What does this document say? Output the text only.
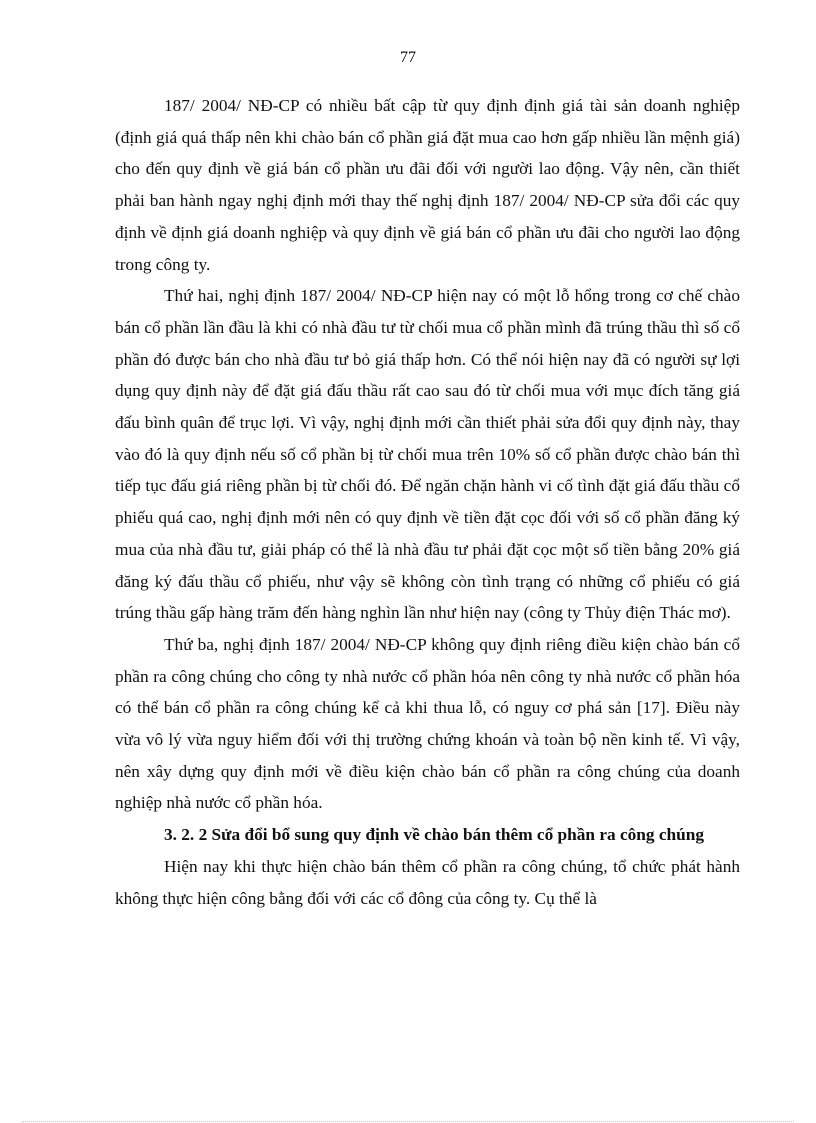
77

187/ 2004/ NĐ-CP có nhiều bất cập từ quy định định giá tài sản doanh nghiệp (định giá quá thấp nên khi chào bán cổ phần giá đặt mua cao hơn gấp nhiều lần mệnh giá) cho đến quy định về giá bán cổ phần ưu đãi đối với người lao động. Vậy nên, cần thiết phải ban hành ngay nghị định mới thay thế nghị định 187/ 2004/ NĐ-CP sửa đổi các quy định về định giá doanh nghiệp và quy định về giá bán cổ phần ưu đãi cho người lao động trong công ty.

Thứ hai, nghị định 187/ 2004/ NĐ-CP hiện nay có một lỗ hổng trong cơ chế chào bán cổ phần lần đầu là khi có nhà đầu tư từ chối mua cổ phần mình đã trúng thầu thì số cổ phần đó được bán cho nhà đầu tư bỏ giá thấp hơn. Có thể nói hiện nay đã có người sự lợi dụng quy định này để đặt giá đấu thầu rất cao sau đó từ chối mua với mục đích tăng giá đấu bình quân để trục lợi. Vì vậy, nghị định mới cần thiết phải sửa đổi quy định này, thay vào đó là quy định nếu số cổ phần bị từ chối mua trên 10% số cổ phần được chào bán thì tiếp tục đấu giá riêng phần bị từ chối đó. Để ngăn chặn hành vi cố tình đặt giá đấu thầu cổ phiếu quá cao, nghị định mới nên có quy định về tiền đặt cọc đối với số cổ phần đăng ký mua của nhà đầu tư, giải pháp có thể là nhà đầu tư phải đặt cọc một số tiền bằng 20% giá đăng ký đấu thầu cổ phiếu, như vậy sẽ không còn tình trạng có những cổ phiếu có giá trúng thầu gấp hàng trăm đến hàng nghìn lần như hiện nay (công ty Thủy điện Thác mơ).

Thứ ba, nghị định 187/ 2004/ NĐ-CP không quy định riêng điều kiện chào bán cổ phần ra công chúng cho công ty nhà nước cổ phần hóa nên công ty nhà nước cổ phần hóa có thể bán cổ phần ra công chúng kể cả khi thua lỗ, có nguy cơ phá sản [17]. Điều này vừa vô lý vừa nguy hiểm đối với thị trường chứng khoán và toàn bộ nền kinh tế. Vì vậy, nên xây dựng quy định mới về điều kiện chào bán cổ phần ra công chúng của doanh nghiệp nhà nước cổ phần hóa.

3. 2. 2 Sửa đổi bổ sung quy định về chào bán thêm cổ phần ra công chúng

Hiện nay khi thực hiện chào bán thêm cổ phần ra công chúng, tổ chức phát hành không thực hiện công bằng đối với các cổ đông của công ty. Cụ thể là
